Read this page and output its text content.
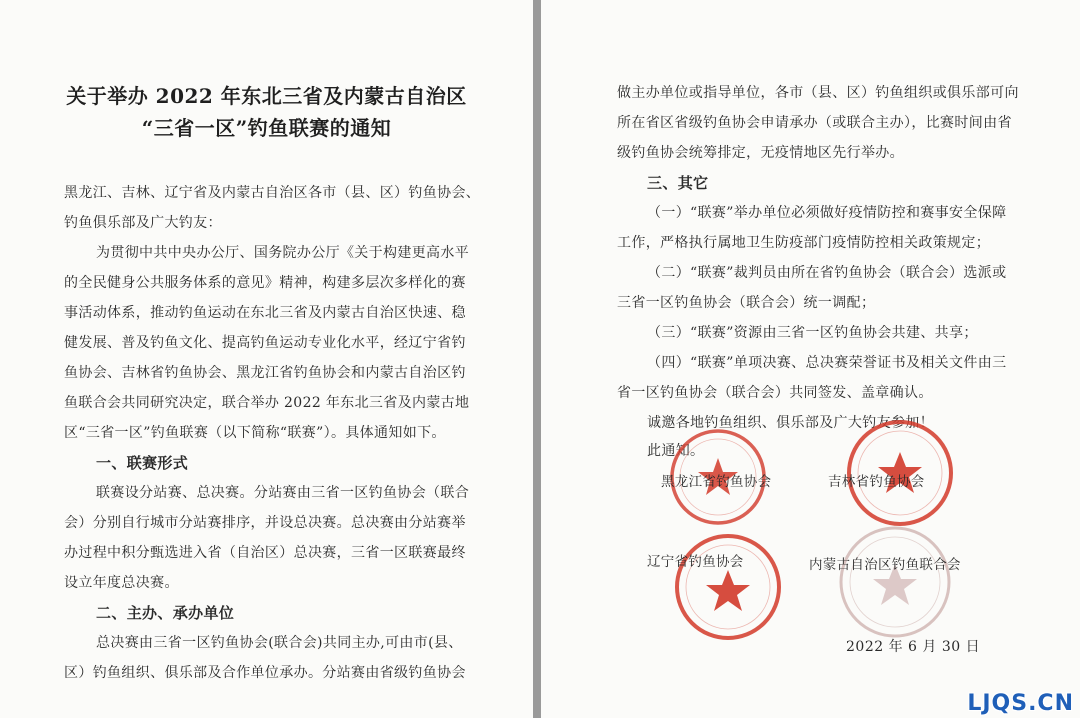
关于举办 2022 年东北三省及内蒙古自治区
“三省一区”钓鱼联赛的通知
黑龙江、吉林、辽宁省及内蒙古自治区各市（县、区）钓鱼协会、
钓鱼俱乐部及广大钓友：
为贯彻中共中央办公厅、国务院办公厅《关于构建更高水平
的全民健身公共服务体系的意见》精神，构建多层次多样化的赛
事活动体系，推动钓鱼运动在东北三省及内蒙古自治区快速、稳
健发展、普及钓鱼文化、提高钓鱼运动专业化水平，经辽宁省钓
鱼协会、吉林省钓鱼协会、黑龙江省钓鱼协会和内蒙古自治区钓
鱼联合会共同研究决定，联合举办 2022 年东北三省及内蒙古地
区“三省一区”钓鱼联赛（以下简称“联赛”）。具体通知如下。
一、联赛形式
联赛设分站赛、总决赛。分站赛由三省一区钓鱼协会（联合
会）分别自行城市分站赛排序，并设总决赛。总决赛由分站赛举
办过程中积分甄选进入省（自治区）总决赛，三省一区联赛最终
设立年度总决赛。
二、主办、承办单位
总决赛由三省一区钓鱼协会(联合会)共同主办,可由市(县、
区）钓鱼组织、俱乐部及合作单位承办。分站赛由省级钓鱼协会
做主办单位或指导单位，各市（县、区）钓鱼组织或俱乐部可向
所在省区省级钓鱼协会申请承办（或联合主办），比赛时间由省
级钓鱼协会统筹排定，无疫情地区先行举办。
三、其它
（一）“联赛”举办单位必须做好疫情防控和赛事安全保障
工作，严格执行属地卫生防疫部门疫情防控相关政策规定；
（二）“联赛”裁判员由所在省钓鱼协会（联合会）选派或
三省一区钓鱼协会（联合会）统一调配；
（三）“联赛”资源由三省一区钓鱼协会共建、共享；
（四）“联赛”单项决赛、总决赛荣誉证书及相关文件由三
省一区钓鱼协会（联合会）共同签发、盖章确认。
诚邀各地钓鱼组织、俱乐部及广大钓友参加！
此通知。
黑龙江省钓鱼协会	吉林省钓鱼协会
辽宁省钓鱼协会	内蒙古自治区钓鱼联合会
2022 年 6 月 30 日
LJQS.CN
